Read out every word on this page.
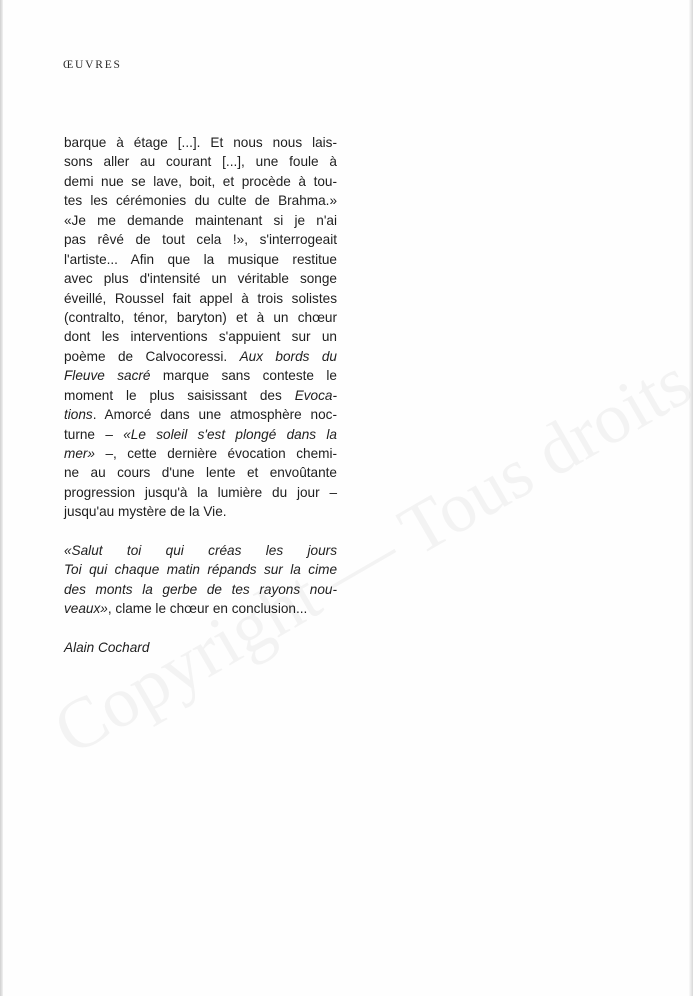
ŒUVRES
barque à étage [...]. Et nous nous lais-
sons aller au courant [...], une foule à
demi nue se lave, boit, et procède à tou-
tes les cérémonies du culte de Brahma.»
«Je me demande maintenant si je n'ai
pas rêvé de tout cela !», s'interrogeait
l'artiste... Afin que la musique restitue
avec plus d'intensité un véritable songe
éveillé, Roussel fait appel à trois solistes
(contralto, ténor, baryton) et à un chœur
dont les interventions s'appuient sur un
poème de Calvocoressi. Aux bords du
Fleuve sacré marque sans conteste le
moment le plus saisissant des Evoca-
tions. Amorcé dans une atmosphère noc-
turne – «Le soleil s'est plongé dans la
mer» –, cette dernière évocation chemi-
ne au cours d'une lente et envoûtante
progression jusqu'à la lumière du jour –
jusqu'au mystère de la Vie.
«Salut toi qui créas les jours
Toi qui chaque matin répands sur la cime
des monts la gerbe de tes rayons nou-
veaux», clame le chœur en conclusion...
Alain Cochard
